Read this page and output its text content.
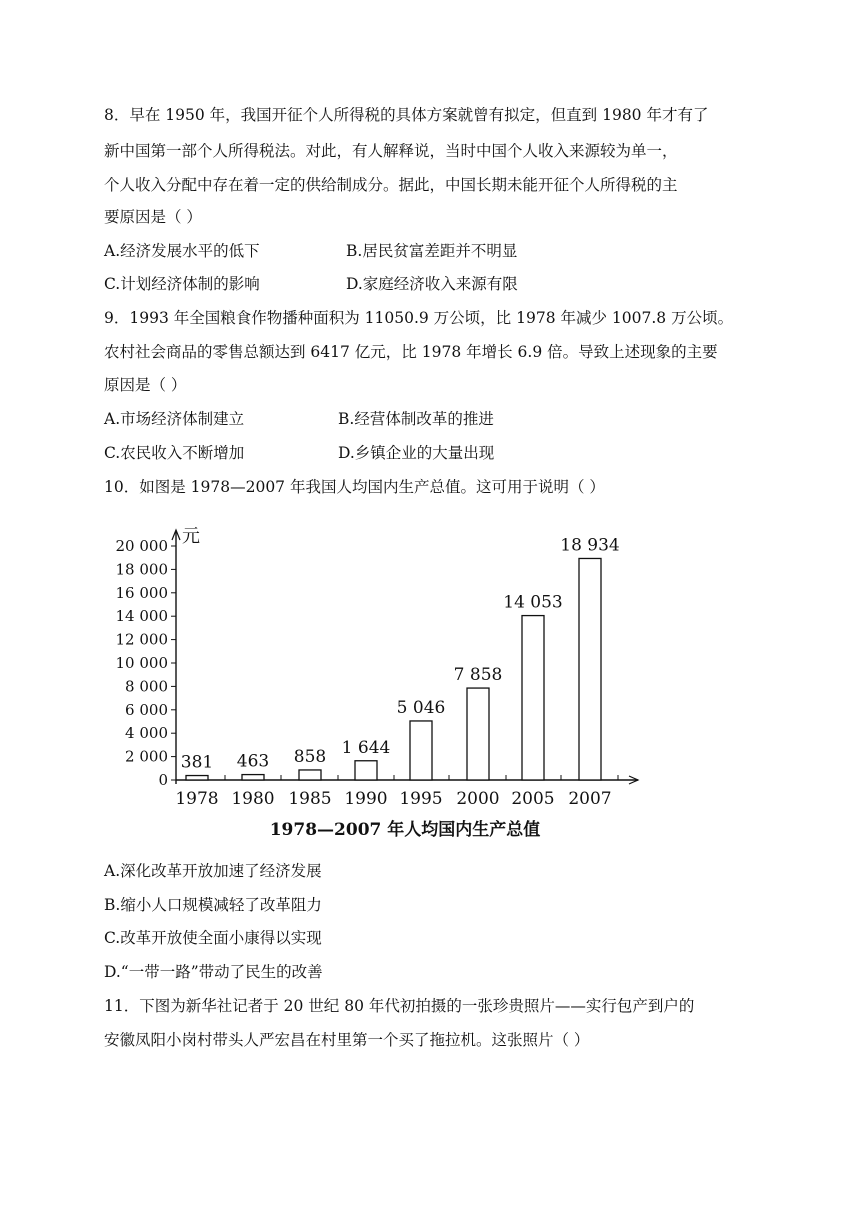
8．早在 1950 年，我国开征个人所得税的具体方案就曾有拟定，但直到 1980 年才有了
新中国第一部个人所得税法。对此，有人解释说，当时中国个人收入来源较为单一，
个人收入分配中存在着一定的供给制成分。据此，中国长期未能开征个人所得税的主
要原因是（ ）
A.经济发展水平的低下	B.居民贫富差距并不明显
C.计划经济体制的影响	D.家庭经济收入来源有限
9．1993 年全国粮食作物播种面积为 11050.9 万公顷，比 1978 年减少 1007.8 万公顷。
农村社会商品的零售总额达到 6417 亿元，比 1978 年增长 6.9 倍。导致上述现象的主要
原因是（ ）
A.市场经济体制建立	B.经营体制改革的推进
C.农民收入不断增加	D.乡镇企业的大量出现
10．如图是 1978—2007 年我国人均国内生产总值。这可用于说明（ ）
0
2 000
4 000
6 000
8 000
10 000
12 000
14 000
16 000
18 000
20 000
381 463 858 1 644
5 046
7 858
14 053
18 934
1978 1980 1985 1990 1995 2000 2005 2007
元
1978—2007 年人均国内生产总值
A.深化改革开放加速了经济发展
B.缩小人口规模减轻了改革阻力
C.改革开放使全面小康得以实现
D.“一带一路”带动了民生的改善
11．下图为新华社记者于 20 世纪 80 年代初拍摄的一张珍贵照片——实行包产到户的
安徽凤阳小岗村带头人严宏昌在村里第一个买了拖拉机。这张照片（ ）
